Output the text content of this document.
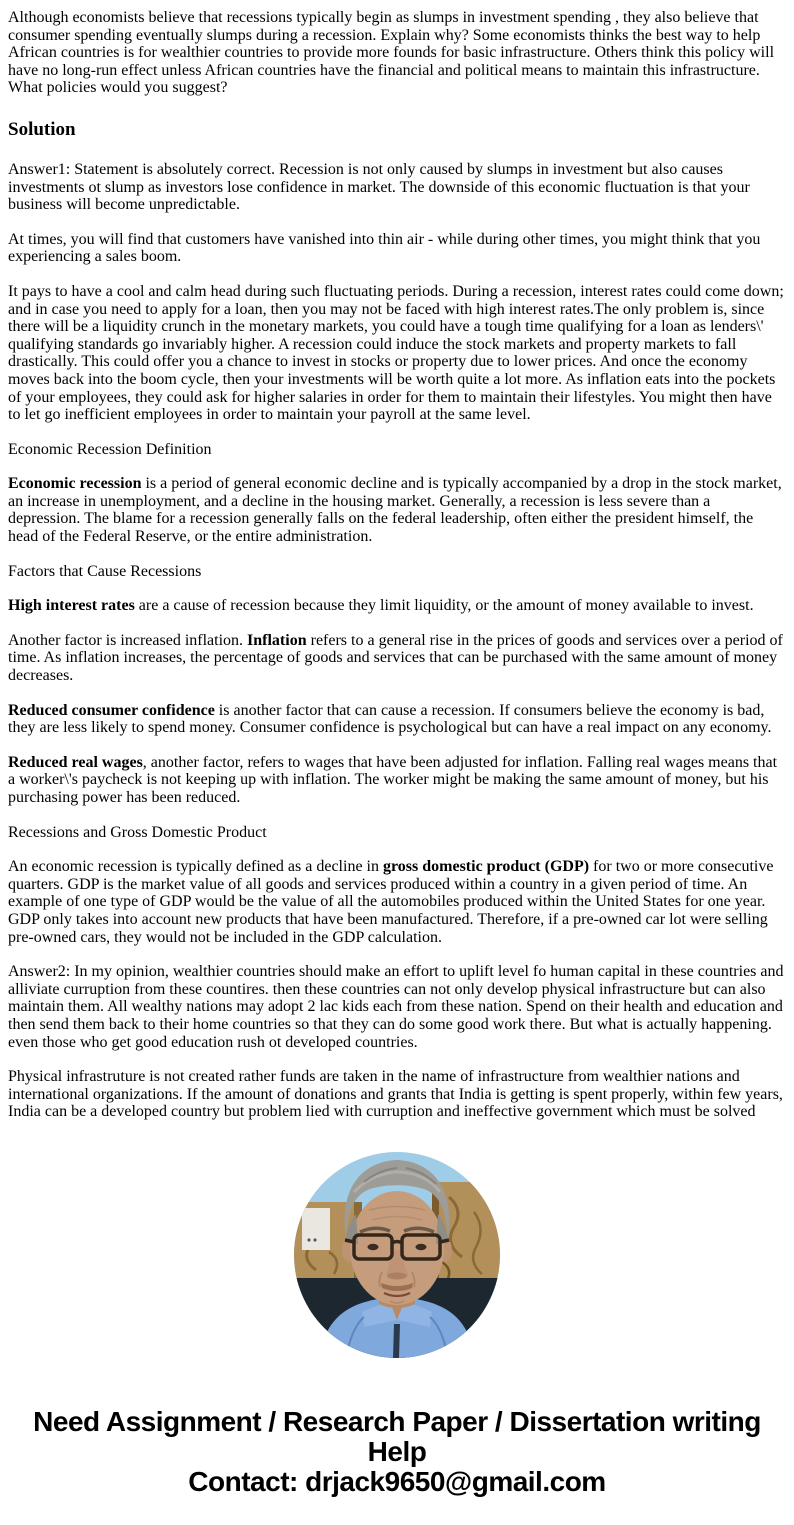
Although economists believe that recessions typically begin as slumps in investment spending , they also believe that consumer spending eventually slumps during a recession. Explain why? Some economists thinks the best way to help African countries is for wealthier countries to provide more founds for basic infrastructure. Others think this policy will have no long-run effect unless African countries have the financial and political means to maintain this infrastructure. What policies would you suggest?

Solution

Answer1: Statement is absolutely correct. Recession is not only caused by slumps in investment but also causes investments ot slump as investors lose confidence in market. The downside of this economic fluctuation is that your business will become unpredictable.

At times, you will find that customers have vanished into thin air - while during other times, you might think that you experiencing a sales boom.

It pays to have a cool and calm head during such fluctuating periods. During a recession, interest rates could come down; and in case you need to apply for a loan, then you may not be faced with high interest rates.The only problem is, since there will be a liquidity crunch in the monetary markets, you could have a tough time qualifying for a loan as lenders\' qualifying standards go invariably higher. A recession could induce the stock markets and property markets to fall drastically. This could offer you a chance to invest in stocks or property due to lower prices. And once the economy moves back into the boom cycle, then your investments will be worth quite a lot more. As inflation eats into the pockets of your employees, they could ask for higher salaries in order for them to maintain their lifestyles. You might then have to let go inefficient employees in order to maintain your payroll at the same level.

Economic Recession Definition

Economic recession is a period of general economic decline and is typically accompanied by a drop in the stock market, an increase in unemployment, and a decline in the housing market. Generally, a recession is less severe than a depression. The blame for a recession generally falls on the federal leadership, often either the president himself, the head of the Federal Reserve, or the entire administration.

Factors that Cause Recessions

High interest rates are a cause of recession because they limit liquidity, or the amount of money available to invest.

Another factor is increased inflation. Inflation refers to a general rise in the prices of goods and services over a period of time. As inflation increases, the percentage of goods and services that can be purchased with the same amount of money decreases.

Reduced consumer confidence is another factor that can cause a recession. If consumers believe the economy is bad, they are less likely to spend money. Consumer confidence is psychological but can have a real impact on any economy.

Reduced real wages, another factor, refers to wages that have been adjusted for inflation. Falling real wages means that a worker\'s paycheck is not keeping up with inflation. The worker might be making the same amount of money, but his purchasing power has been reduced.

Recessions and Gross Domestic Product

An economic recession is typically defined as a decline in gross domestic product (GDP) for two or more consecutive quarters. GDP is the market value of all goods and services produced within a country in a given period of time. An example of one type of GDP would be the value of all the automobiles produced within the United States for one year. GDP only takes into account new products that have been manufactured. Therefore, if a pre-owned car lot were selling pre-owned cars, they would not be included in the GDP calculation.

Answer2: In my opinion, wealthier countries should make an effort to uplift level fo human capital in these countries and alliviate curruption from these countires. then these countries can not only develop physical infrastructure but can also maintain them. All wealthy nations may adopt 2 lac kids each from these nation. Spend on their health and education and then send them back to their home countries so that they can do some good work there. But what is actually happening. even those who get good education rush ot developed countries.

Physical infrastruture is not created rather funds are taken in the name of infrastructure from wealthier nations and international organizations. If the amount of donations and grants that India is getting is spent properly, within few years, India can be a developed country but problem lied with curruption and ineffective government which must be solved

Need Assignment / Research Paper / Dissertation writing Help
Contact: drjack9650@gmail.com
